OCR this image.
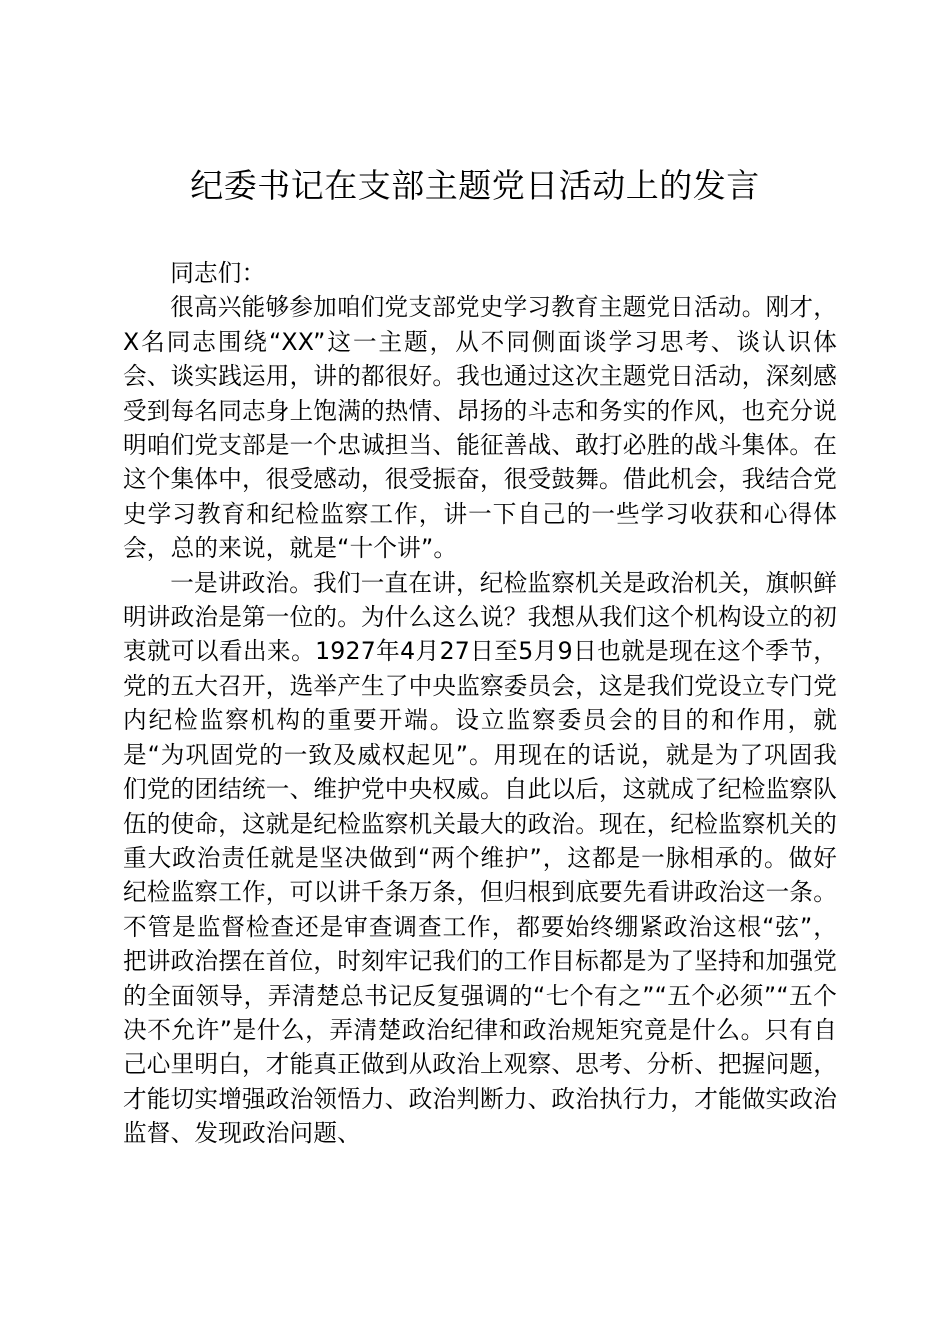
纪委书记在支部主题党日活动上的发言

同志们：

很高兴能够参加咱们党支部党史学习教育主题党日活动。刚才，X名同志围绕“XX”这一主题，从不同侧面谈学习思考、谈认识体会、谈实践运用，讲的都很好。我也通过这次主题党日活动，深刻感受到每名同志身上饱满的热情、昂扬的斗志和务实的作风，也充分说明咱们党支部是一个忠诚担当、能征善战、敢打必胜的战斗集体。在这个集体中，很受感动，很受振奋，很受鼓舞。借此机会，我结合党史学习教育和纪检监察工作，讲一下自己的一些学习收获和心得体会，总的来说，就是“十个讲”。

一是讲政治。我们一直在讲，纪检监察机关是政治机关，旗帜鲜明讲政治是第一位的。为什么这么说？我想从我们这个机构设立的初衷就可以看出来。1927年4月27日至5月9日也就是现在这个季节，党的五大召开，选举产生了中央监察委员会，这是我们党设立专门党内纪检监察机构的重要开端。设立监察委员会的目的和作用，就是“为巩固党的一致及威权起见”。用现在的话说，就是为了巩固我们党的团结统一、维护党中央权威。自此以后，这就成了纪检监察队伍的使命，这就是纪检监察机关最大的政治。现在，纪检监察机关的重大政治责任就是坚决做到“两个维护”，这都是一脉相承的。做好纪检监察工作，可以讲千条万条，但归根到底要先看讲政治这一条。不管是监督检查还是审查调查工作，都要始终绷紧政治这根“弦”，把讲政治摆在首位，时刻牢记我们的工作目标都是为了坚持和加强党的全面领导，弄清楚总书记反复强调的“七个有之”“五个必须”“五个决不允许”是什么，弄清楚政治纪律和政治规矩究竟是什么。只有自己心里明白，才能真正做到从政治上观察、思考、分析、把握问题，才能切实增强政治领悟力、政治判断力、政治执行力，才能做实政治监督、发现政治问题、
